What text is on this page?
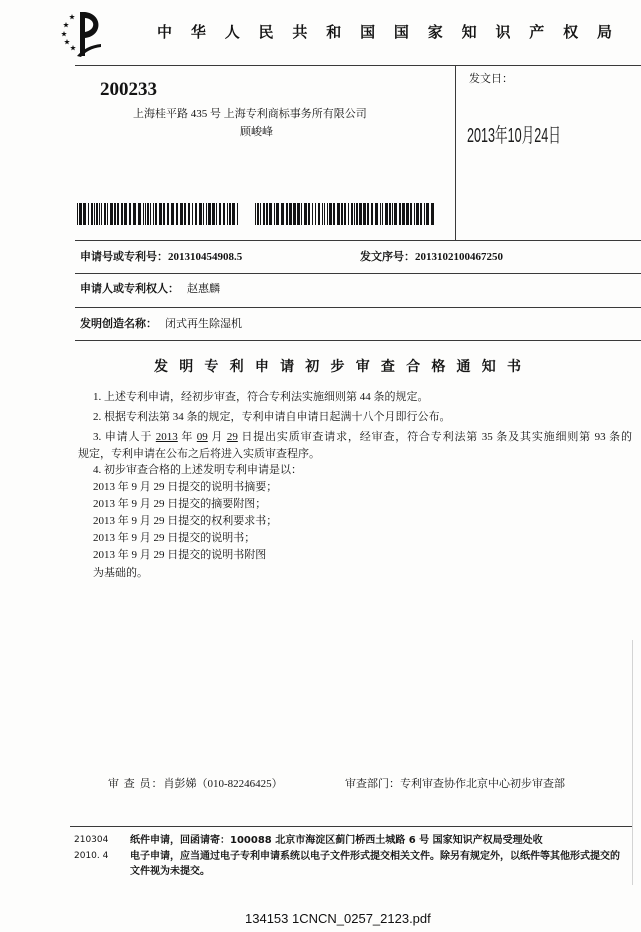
中 华 人 民 共 和 国 国 家 知 识 产 权 局
200233
上海桂平路 435 号 上海专利商标事务所有限公司
顾峻峰
发文日：
2013年10月24日
申请号或专利号：201310454908.5	发文序号：2013102100467250
申请人或专利权人： 赵惠麟
发明创造名称： 闭式再生除湿机
发 明 专 利 申 请 初 步 审 查 合 格 通 知 书
1. 上述专利申请，经初步审查，符合专利法实施细则第 44 条的规定。
2. 根据专利法第 34 条的规定，专利申请自申请日起满十八个月即行公布。
3. 申请人于 2013 年 09 月 29 日提出实质审查请求，经审查，符合专利法第 35 条及其实施细则第 93 条的
规定，专利申请在公布之后将进入实质审查程序。
4. 初步审查合格的上述发明专利申请是以：
2013 年 9 月 29 日提交的说明书摘要；
2013 年 9 月 29 日提交的摘要附图；
2013 年 9 月 29 日提交的权利要求书；
2013 年 9 月 29 日提交的说明书；
2013 年 9 月 29 日提交的说明书附图
为基础的。
审 查 员：肖彭娣（010-82246425）	审查部门：专利审查协作北京中心初步审查部
210304 纸件申请，回函请寄：100088 北京市海淀区蓟门桥西土城路 6 号 国家知识产权局受理处收
2010. 4 电子申请，应当通过电子专利申请系统以电子文件形式提交相关文件。除另有规定外，以纸件等其他形式提交的
文件视为未提交。
134153 1CNCN_0257_2123.pdf
